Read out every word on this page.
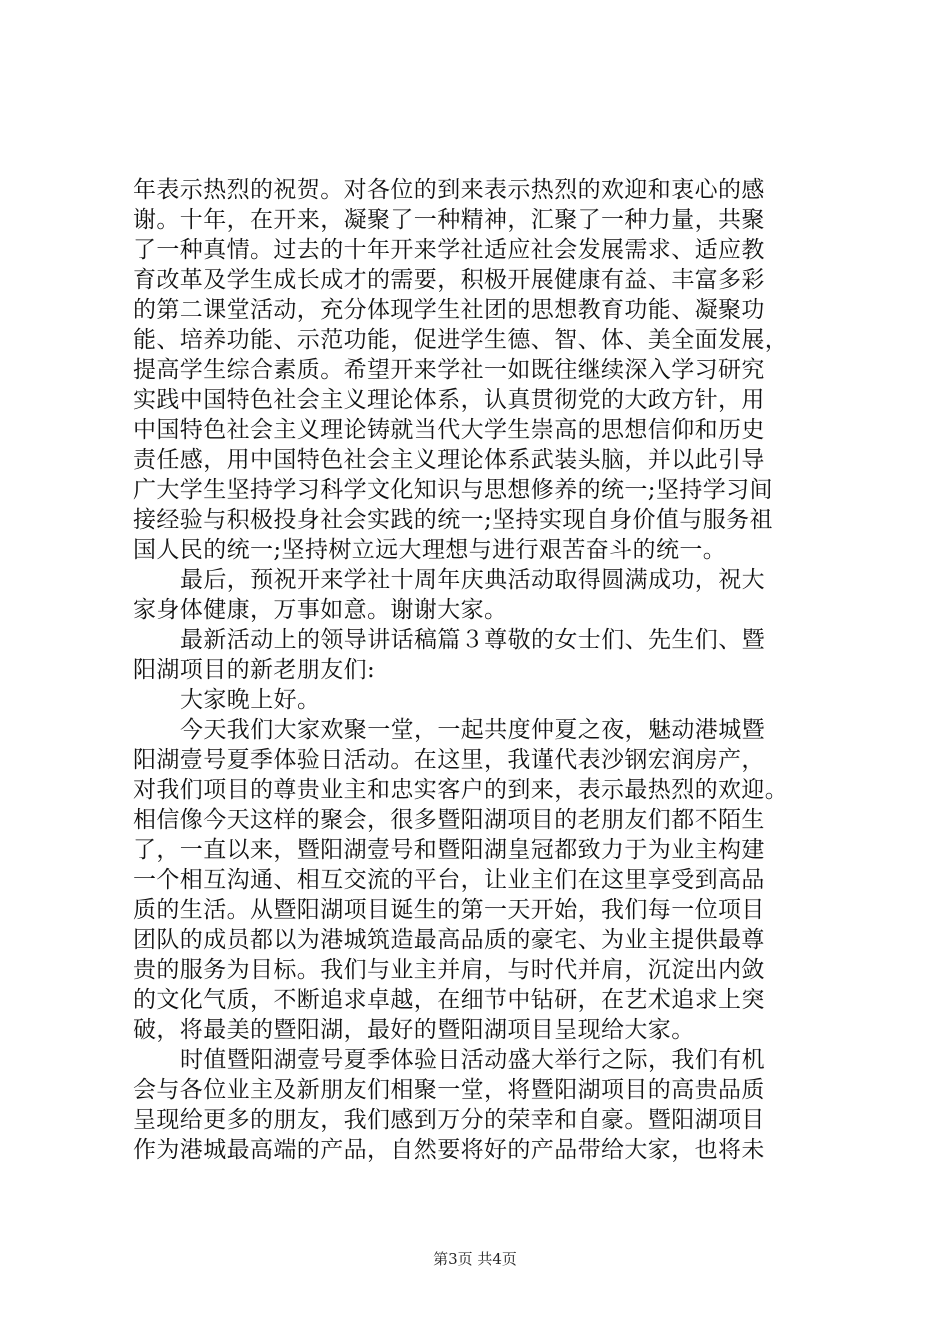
年表示热烈的祝贺。对各位的到来表示热烈的欢迎和衷心的感
谢。十年，在开来，凝聚了一种精神，汇聚了一种力量，共聚
了一种真情。过去的十年开来学社适应社会发展需求、适应教
育改革及学生成长成才的需要，积极开展健康有益、丰富多彩
的第二课堂活动，充分体现学生社团的思想教育功能、凝聚功
能、培养功能、示范功能，促进学生德、智、体、美全面发展，
提高学生综合素质。希望开来学社一如既往继续深入学习研究
实践中国特色社会主义理论体系，认真贯彻党的大政方针，用
中国特色社会主义理论铸就当代大学生崇高的思想信仰和历史
责任感，用中国特色社会主义理论体系武装头脑，并以此引导
广大学生坚持学习科学文化知识与思想修养的统一;坚持学习间
接经验与积极投身社会实践的统一;坚持实现自身价值与服务祖
国人民的统一;坚持树立远大理想与进行艰苦奋斗的统一。
最后，预祝开来学社十周年庆典活动取得圆满成功，祝大
家身体健康，万事如意。谢谢大家。
最新活动上的领导讲话稿篇３尊敬的女士们、先生们、暨
阳湖项目的新老朋友们:
大家晚上好。
今天我们大家欢聚一堂，一起共度仲夏之夜，魅动港城暨
阳湖壹号夏季体验日活动。在这里，我谨代表沙钢宏润房产，
对我们项目的尊贵业主和忠实客户的到来，表示最热烈的欢迎。
相信像今天这样的聚会，很多暨阳湖项目的老朋友们都不陌生
了，一直以来，暨阳湖壹号和暨阳湖皇冠都致力于为业主构建
一个相互沟通、相互交流的平台，让业主们在这里享受到高品
质的生活。从暨阳湖项目诞生的第一天开始，我们每一位项目
团队的成员都以为港城筑造最高品质的豪宅、为业主提供最尊
贵的服务为目标。我们与业主并肩，与时代并肩，沉淀出内敛
的文化气质，不断追求卓越，在细节中钻研，在艺术追求上突
破，将最美的暨阳湖，最好的暨阳湖项目呈现给大家。
时值暨阳湖壹号夏季体验日活动盛大举行之际，我们有机
会与各位业主及新朋友们相聚一堂，将暨阳湖项目的高贵品质
呈现给更多的朋友，我们感到万分的荣幸和自豪。暨阳湖项目
作为港城最高端的产品，自然要将好的产品带给大家，也将未
第3页 共4页
